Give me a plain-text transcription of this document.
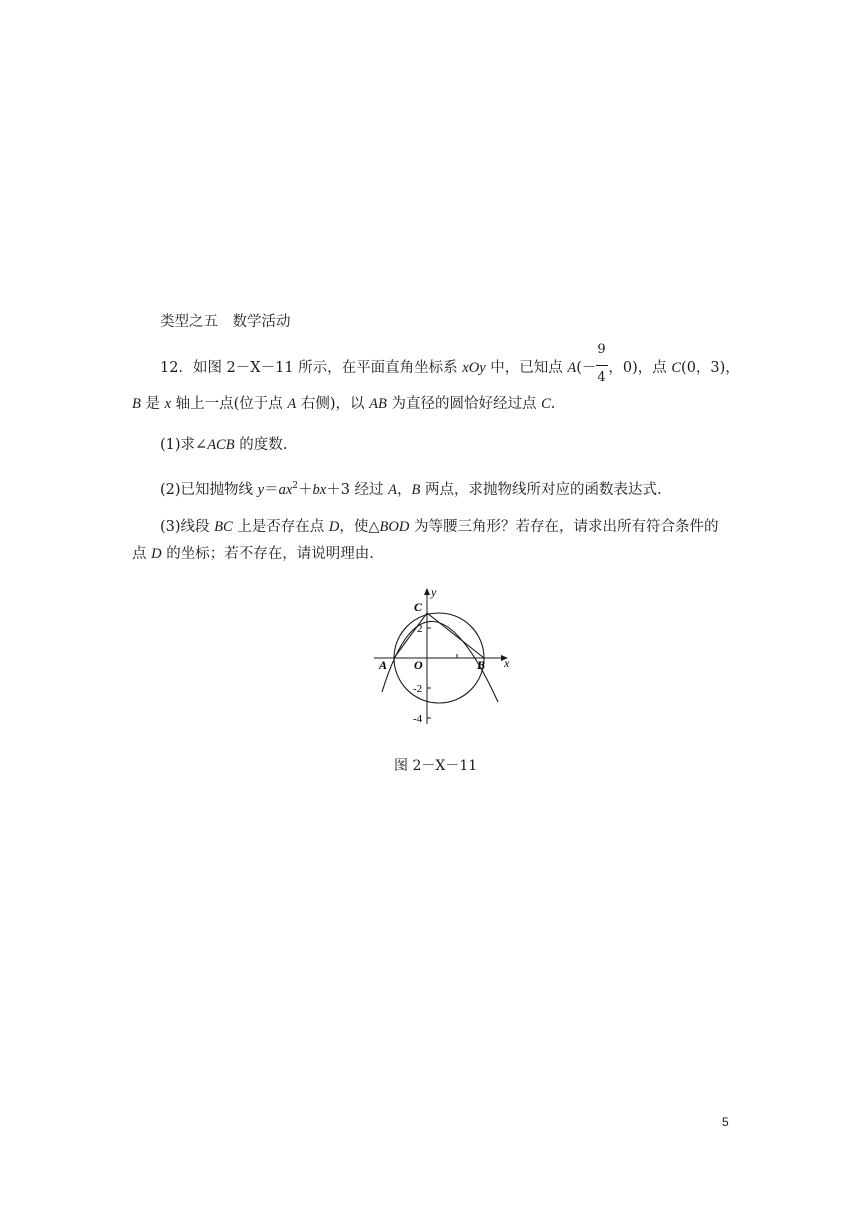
类型之五　数学活动
12．如图 2－X－11 所示，在平面直角坐标系 xOy 中，已知点 $A(- \frac{9}{4}$ ，0)，点 C(0，3)，
B 是 x 轴上一点(位于点 A 右侧)，以 AB 为直径的圆恰好经过点 C.
(1)求∠ACB 的度数.
(2)已知抛物线 $y=ax^2+bx+3$ 经过 A，B 两点，求抛物线所对应的函数表达式.
(3)线段 BC 上是否存在点 D，使△BOD 为等腰三角形？若存在，请求出所有符合条件的
点 D 的坐标；若不存在，请说明理由.
y
x
C
A O	B
2
-2
-4
图 2－X－11
5
